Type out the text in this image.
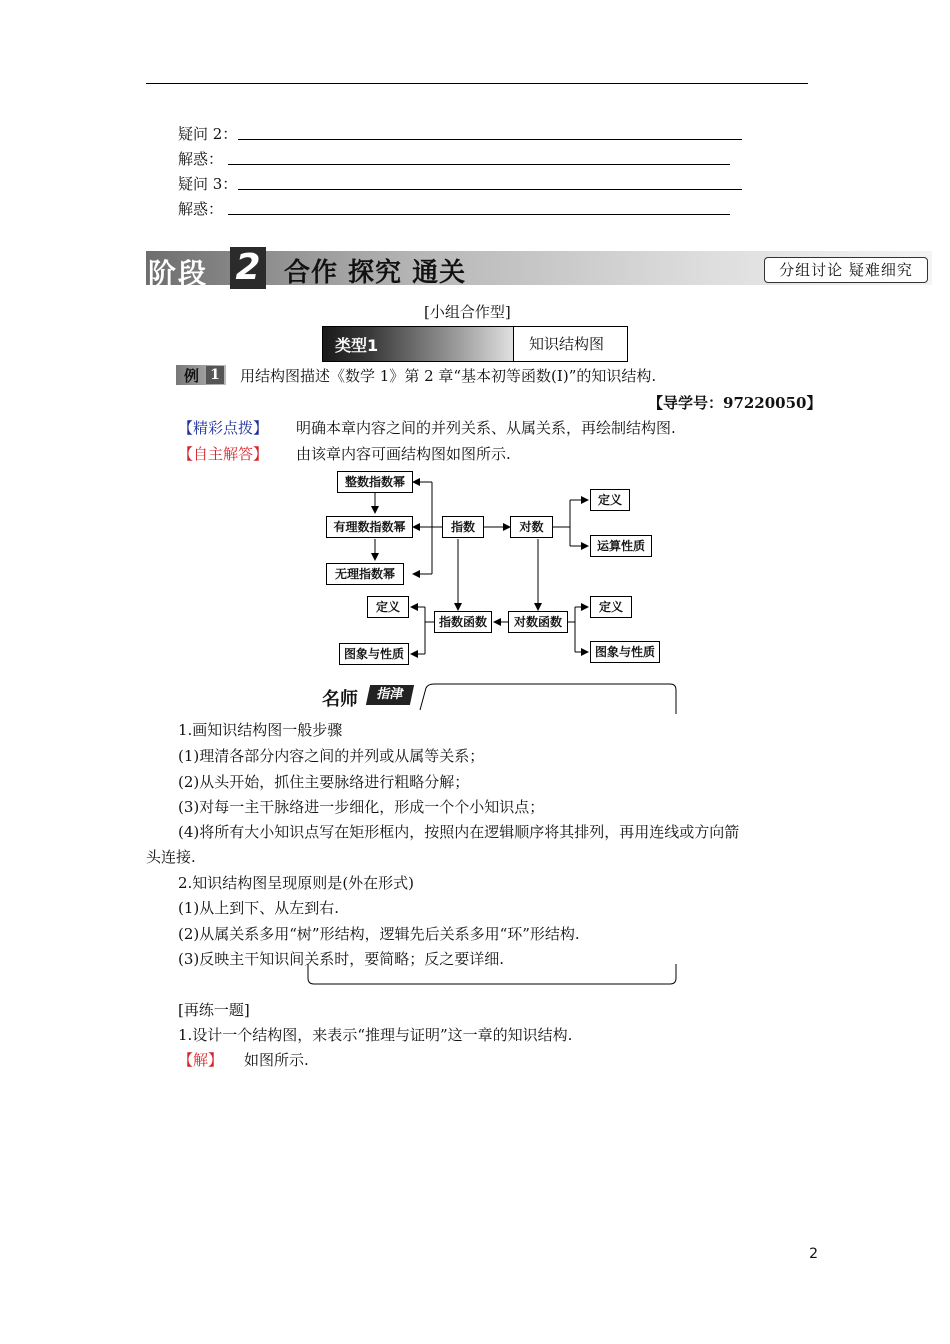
疑问 2：
解惑：
疑问 3：
解惑：
阶段 2 合作 探究 通关	分组讨论 疑难细究
[小组合作型]
类型1	知识结构图
例 1 用结构图描述《数学 1》第 2 章“基本初等函数(Ⅰ)”的知识结构.
【导学号：97220050】
【精彩点拨】 明确本章内容之间的并列关系、从属关系，再绘制结构图.
【自主解答】 由该章内容可画结构图如图所示.
整数指数幂
有理数指数幂
无理指数幂
指数	对数
定义
运算性质
定义
指数函数	对数函数
定义
图象与性质	图象与性质
名师	指津
1.画知识结构图一般步骤
(1)理清各部分内容之间的并列或从属等关系；
(2)从头开始，抓住主要脉络进行粗略分解；
(3)对每一主干脉络进一步细化，形成一个个小知识点；
(4)将所有大小知识点写在矩形框内，按照内在逻辑顺序将其排列，再用连线或方向箭
头连接.
2.知识结构图呈现原则是(外在形式)
(1)从上到下、从左到右.
(2)从属关系多用“树”形结构，逻辑先后关系多用“环”形结构.
(3)反映主干知识间关系时，要简略；反之要详细.
[再练一题]
1.设计一个结构图，来表示“推理与证明”这一章的知识结构.
【解】 如图所示.
2
